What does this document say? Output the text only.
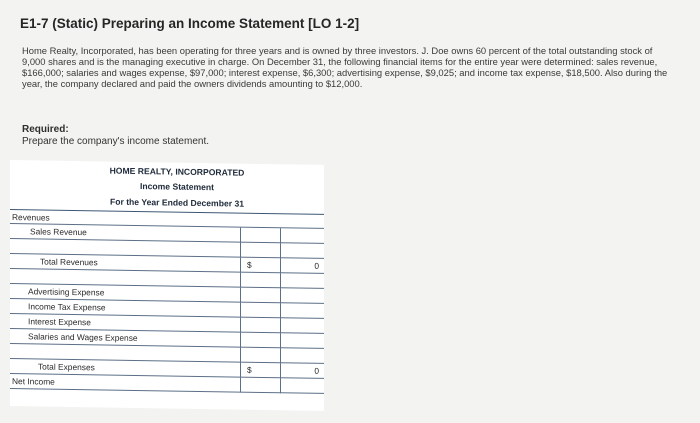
E1-7 (Static) Preparing an Income Statement [LO 1-2]

Home Realty, Incorporated, has been operating for three years and is owned by three investors. J. Doe owns 60 percent of the total outstanding stock of 9,000 shares and is the managing executive in charge. On December 31, the following financial items for the entire year were determined: sales revenue, $166,000; salaries and wages expense, $97,000; interest expense, $6,300; advertising expense, $9,025; and income tax expense, $18,500. Also during the year, the company declared and paid the owners dividends amounting to $12,000.

Required:
Prepare the company's income statement.
HOME REALTY, INCORPORATED
Income Statement
For the Year Ended December 31
Revenues
Sales Revenue
Total Revenues	$	0
Advertising Expense
Income Tax Expense
Interest Expense
Salaries and Wages Expense
Total Expenses	$	0
Net Income
